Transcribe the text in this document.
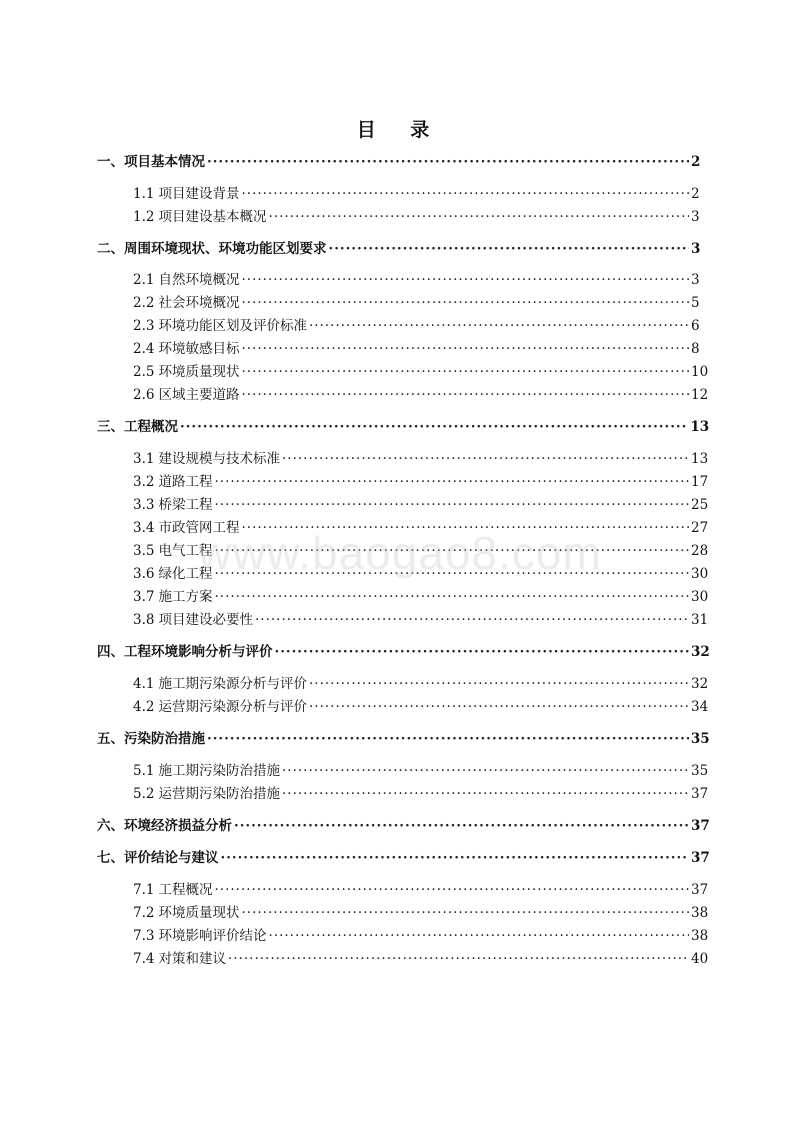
目 录
一、项目基本情况 ·····	2
1.1 项目建设背景 ·····	2
1.2 项目建设基本概况 ·····	3
二、周围环境现状、环境功能区划要求 ·····	3
2.1 自然环境概况 ·····	3
2.2 社会环境概况 ·····	5
2.3 环境功能区划及评价标准 ·····	6
2.4 环境敏感目标 ·····	8
2.5 环境质量现状 ·····	10
2.6 区域主要道路 ·····	12
三、工程概况 ·····	13
3.1 建设规模与技术标准 ·····	13
3.2 道路工程 ·····	17
3.3 桥梁工程 ·····	25
3.4 市政管网工程 ·····	27
3.5 电气工程 ·····	28
3.6 绿化工程 ·····	30
3.7 施工方案 ·····	30
3.8 项目建设必要性 ·····	31
四、工程环境影响分析与评价 ·····	32
4.1 施工期污染源分析与评价 ·····	32
4.2 运营期污染源分析与评价 ·····	34
五、污染防治措施 ·····	35
5.1 施工期污染防治措施 ·····	35
5.2 运营期污染防治措施 ·····	37
六、环境经济损益分析 ·····	37
七、评价结论与建议 ·····	37
7.1 工程概况 ·····	37
7.2 环境质量现状 ·····	38
7.3 环境影响评价结论 ·····	38
7.4 对策和建议 ·····	40
www.baogao8.com
